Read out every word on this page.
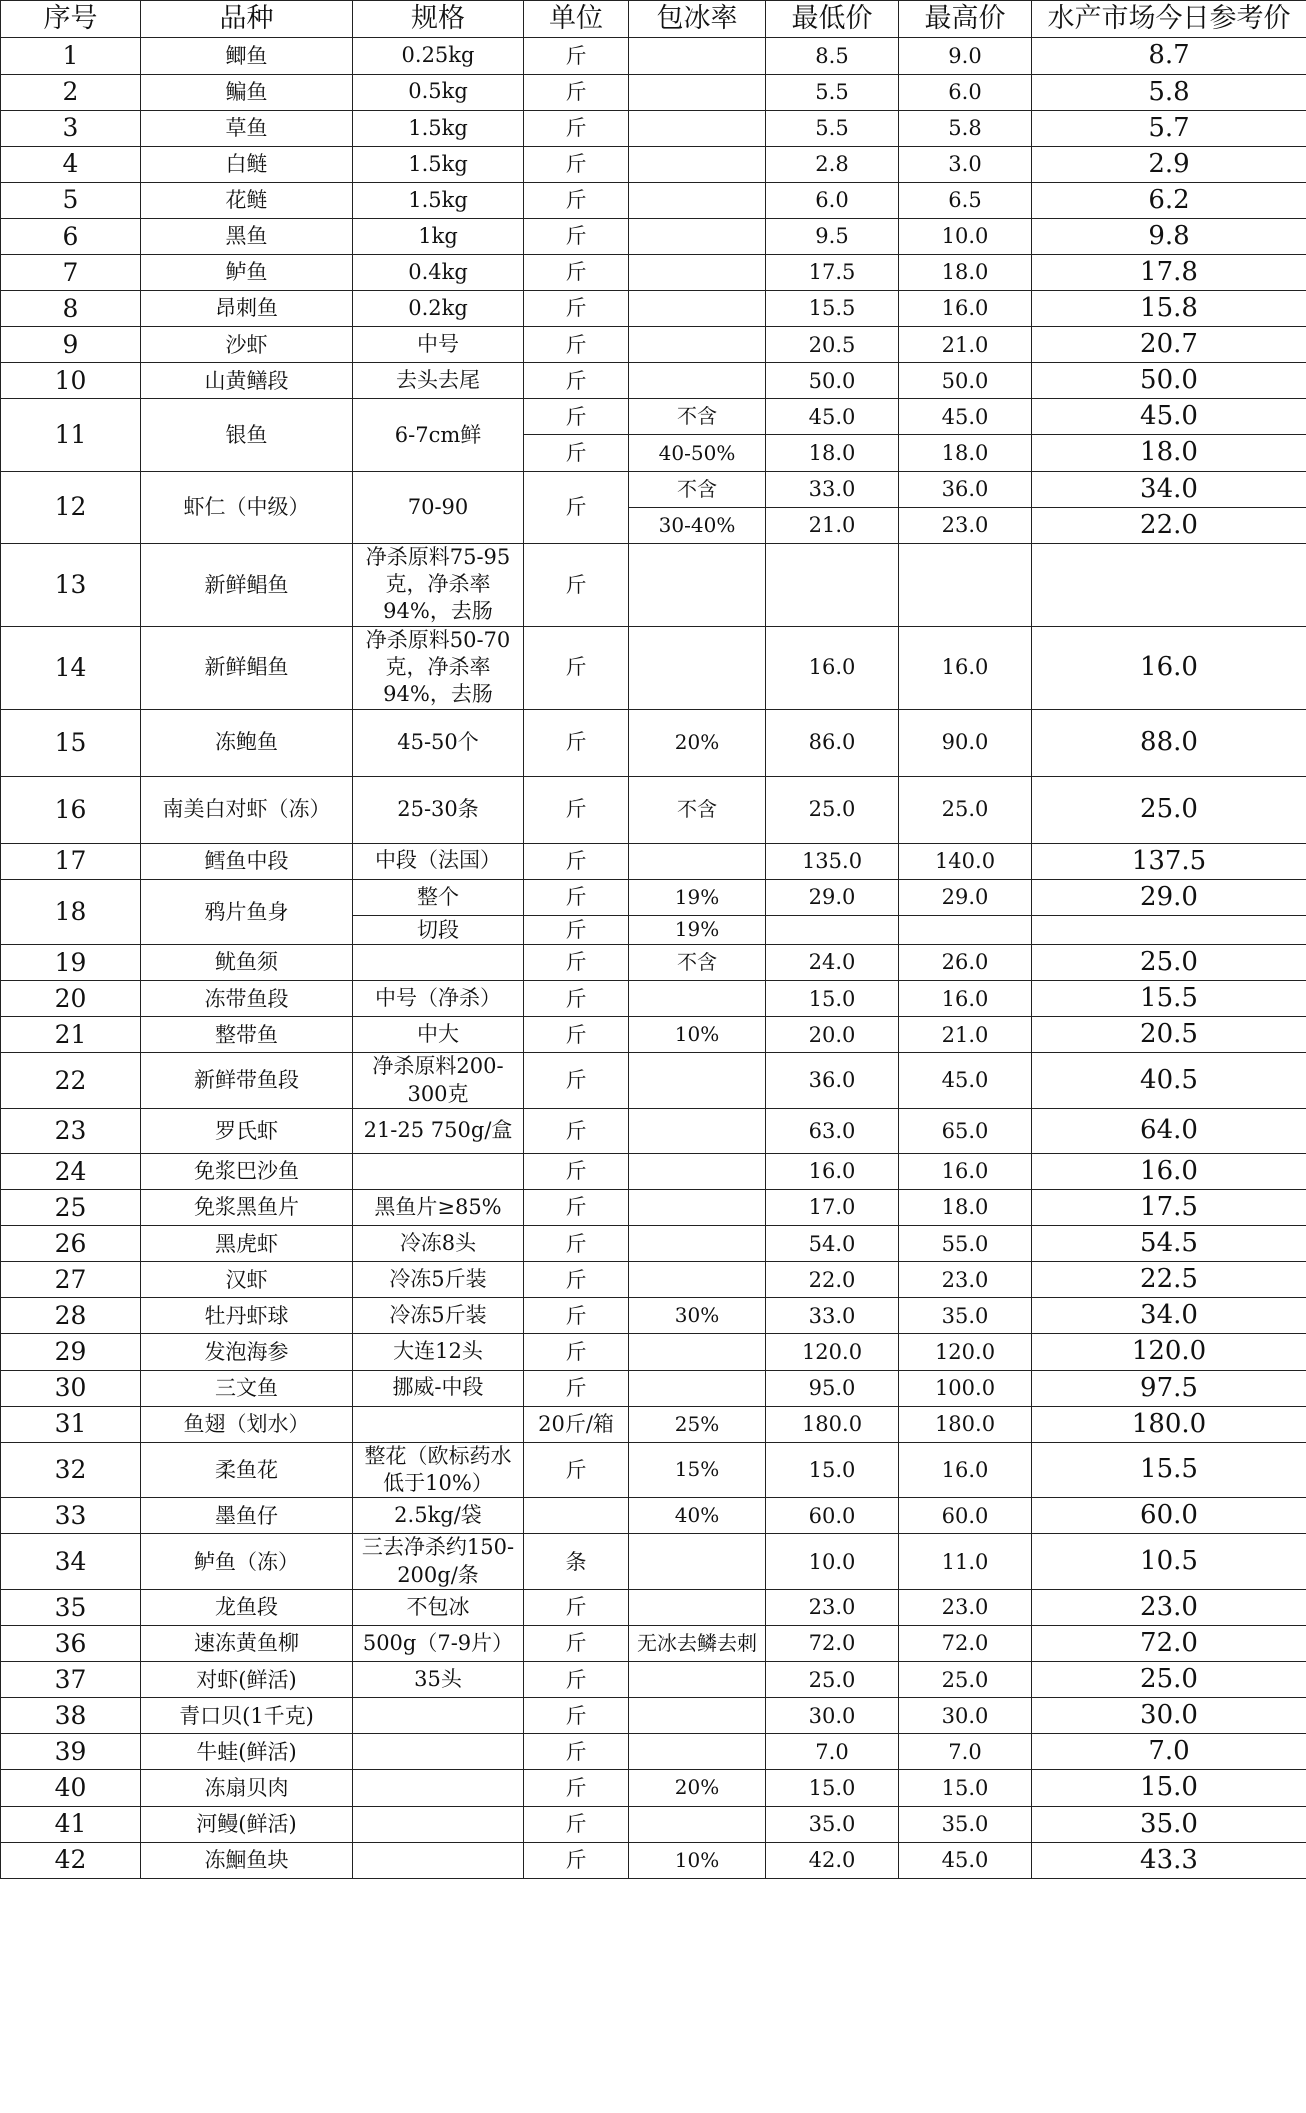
序号	品种	规格	单位	包冰率	最低价	最高价	水产市场今日参考价
1	鲫鱼	0.25kg	斤		8.5	9.0	8.7
2	鳊鱼	0.5kg	斤		5.5	6.0	5.8
3	草鱼	1.5kg	斤		5.5	5.8	5.7
4	白鲢	1.5kg	斤		2.8	3.0	2.9
5	花鲢	1.5kg	斤		6.0	6.5	6.2
6	黑鱼	1kg	斤		9.5	10.0	9.8
7	鲈鱼	0.4kg	斤		17.5	18.0	17.8
8	昂刺鱼	0.2kg	斤		15.5	16.0	15.8
9	沙虾	中号	斤		20.5	21.0	20.7
10	山黄鳝段	去头去尾	斤		50.0	50.0	50.0
11	银鱼	6-7cm鲜	斤	不含	45.0	45.0	45.0
			斤	40-50%	18.0	18.0	18.0
12	虾仁（中级）	70-90	斤	不含	33.0	36.0	34.0
				30-40%	21.0	23.0	22.0
13	新鲜鲳鱼	净杀原料75-95克，净杀率94%，去肠	斤				
14	新鲜鲳鱼	净杀原料50-70克，净杀率94%，去肠	斤		16.0	16.0	16.0
15	冻鲍鱼	45-50个	斤	20%	86.0	90.0	88.0
16	南美白对虾（冻）	25-30条	斤	不含	25.0	25.0	25.0
17	鳕鱼中段	中段（法国）	斤		135.0	140.0	137.5
18	鸦片鱼身	整个	斤	19%	29.0	29.0	29.0
		切段	斤	19%			
19	鱿鱼须		斤	不含	24.0	26.0	25.0
20	冻带鱼段	中号（净杀）	斤		15.0	16.0	15.5
21	整带鱼	中大	斤	10%	20.0	21.0	20.5
22	新鲜带鱼段	净杀原料200-300克	斤		36.0	45.0	40.5
23	罗氏虾	21-25 750g/盒	斤		63.0	65.0	64.0
24	免浆巴沙鱼		斤		16.0	16.0	16.0
25	免浆黑鱼片	黑鱼片≥85%	斤		17.0	18.0	17.5
26	黑虎虾	冷冻8头	斤		54.0	55.0	54.5
27	汉虾	冷冻5斤装	斤		22.0	23.0	22.5
28	牡丹虾球	冷冻5斤装	斤	30%	33.0	35.0	34.0
29	发泡海参	大连12头	斤		120.0	120.0	120.0
30	三文鱼	挪威-中段	斤		95.0	100.0	97.5
31	鱼翅（划水）		20斤/箱	25%	180.0	180.0	180.0
32	柔鱼花	整花（欧标药水低于10%）	斤	15%	15.0	16.0	15.5
33	墨鱼仔	2.5kg/袋		40%	60.0	60.0	60.0
34	鲈鱼（冻）	三去净杀约150-200g/条	条		10.0	11.0	10.5
35	龙鱼段	不包冰	斤		23.0	23.0	23.0
36	速冻黄鱼柳	500g（7-9片）	斤	无冰去鳞去刺	72.0	72.0	72.0
37	对虾(鲜活)	35头	斤		25.0	25.0	25.0
38	青口贝(1千克)		斤		30.0	30.0	30.0
39	牛蛙(鲜活)		斤		7.0	7.0	7.0
40	冻扇贝肉		斤	20%	15.0	15.0	15.0
41	河鳗(鲜活)		斤		35.0	35.0	35.0
42	冻鮰鱼块		斤	10%	42.0	45.0	43.3
